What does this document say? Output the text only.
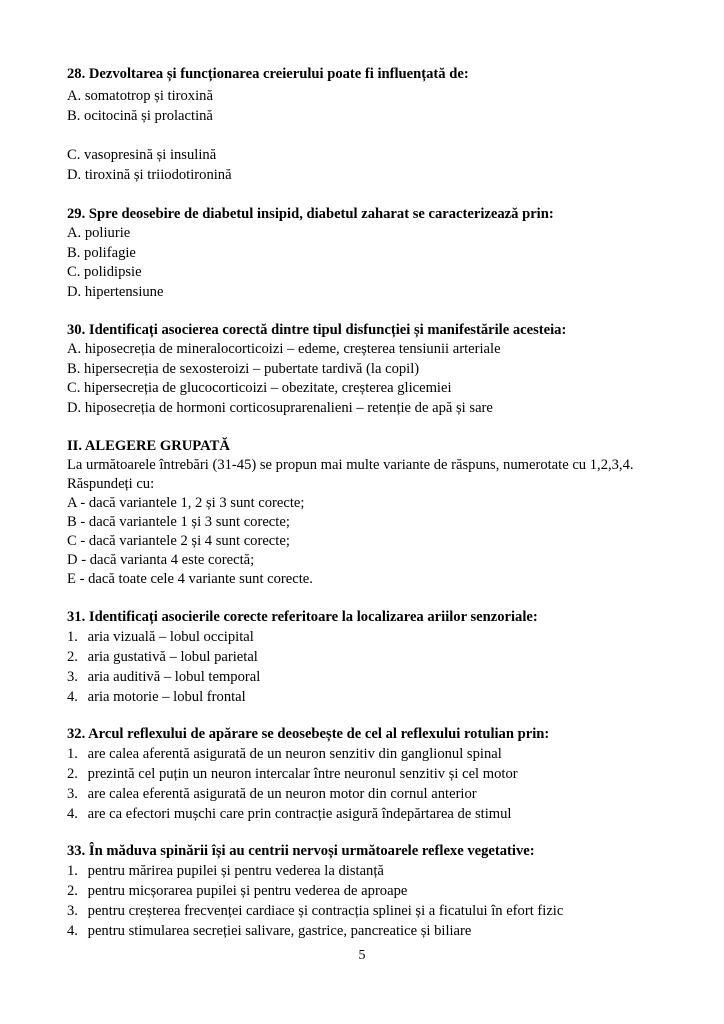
28. Dezvoltarea și funcționarea creierului poate fi influențată de:
A. somatotrop și tiroxină
B. ocitocină și prolactină
C. vasopresină și insulină
D. tiroxină și triiodotironină
29. Spre deosebire de diabetul insipid, diabetul zaharat se caracterizează prin:
A. poliurie
B. polifagie
C. polidipsie
D. hipertensiune
30. Identificați asocierea corectă dintre tipul disfuncției și manifestările acesteia:
A. hiposecreția de mineralocorticoizi – edeme, creșterea tensiunii arteriale
B. hipersecreția de sexosteroizi – pubertate tardivă (la copil)
C. hipersecreția de glucocorticoizi – obezitate, creșterea glicemiei
D. hiposecreția de hormoni corticosuprarenalieni – retenție de apă și sare
II. ALEGERE GRUPATĂ
La următoarele întrebări (31-45) se propun mai multe variante de răspuns, numerotate cu 1,2,3,4.
Răspundeți cu:
A - dacă variantele 1, 2 și 3 sunt corecte;
B - dacă variantele 1 și 3 sunt corecte;
C - dacă variantele 2 și 4 sunt corecte;
D - dacă varianta 4 este corectă;
E - dacă toate cele 4 variante sunt corecte.
31. Identificați asocierile corecte referitoare la localizarea ariilor senzoriale:
1. aria vizuală – lobul occipital
2. aria gustativă – lobul parietal
3. aria auditivă – lobul temporal
4. aria motorie – lobul frontal
32. Arcul reflexului de apărare se deosebește de cel al reflexului rotulian prin:
1. are calea aferentă asigurată de un neuron senzitiv din ganglionul spinal
2. prezintă cel puțin un neuron intercalar între neuronul senzitiv și cel motor
3. are calea eferentă asigurată de un neuron motor din cornul anterior
4. are ca efectori mușchi care prin contracție asigură îndepărtarea de stimul
33. În măduva spinării își au centrii nervoși următoarele reflexe vegetative:
1. pentru mărirea pupilei și pentru vederea la distanță
2. pentru micșorarea pupilei și pentru vederea de aproape
3. pentru creșterea frecvenței cardiace și contracția splinei și a ficatului în efort fizic
4. pentru stimularea secreției salivare, gastrice, pancreatice și biliare
5
